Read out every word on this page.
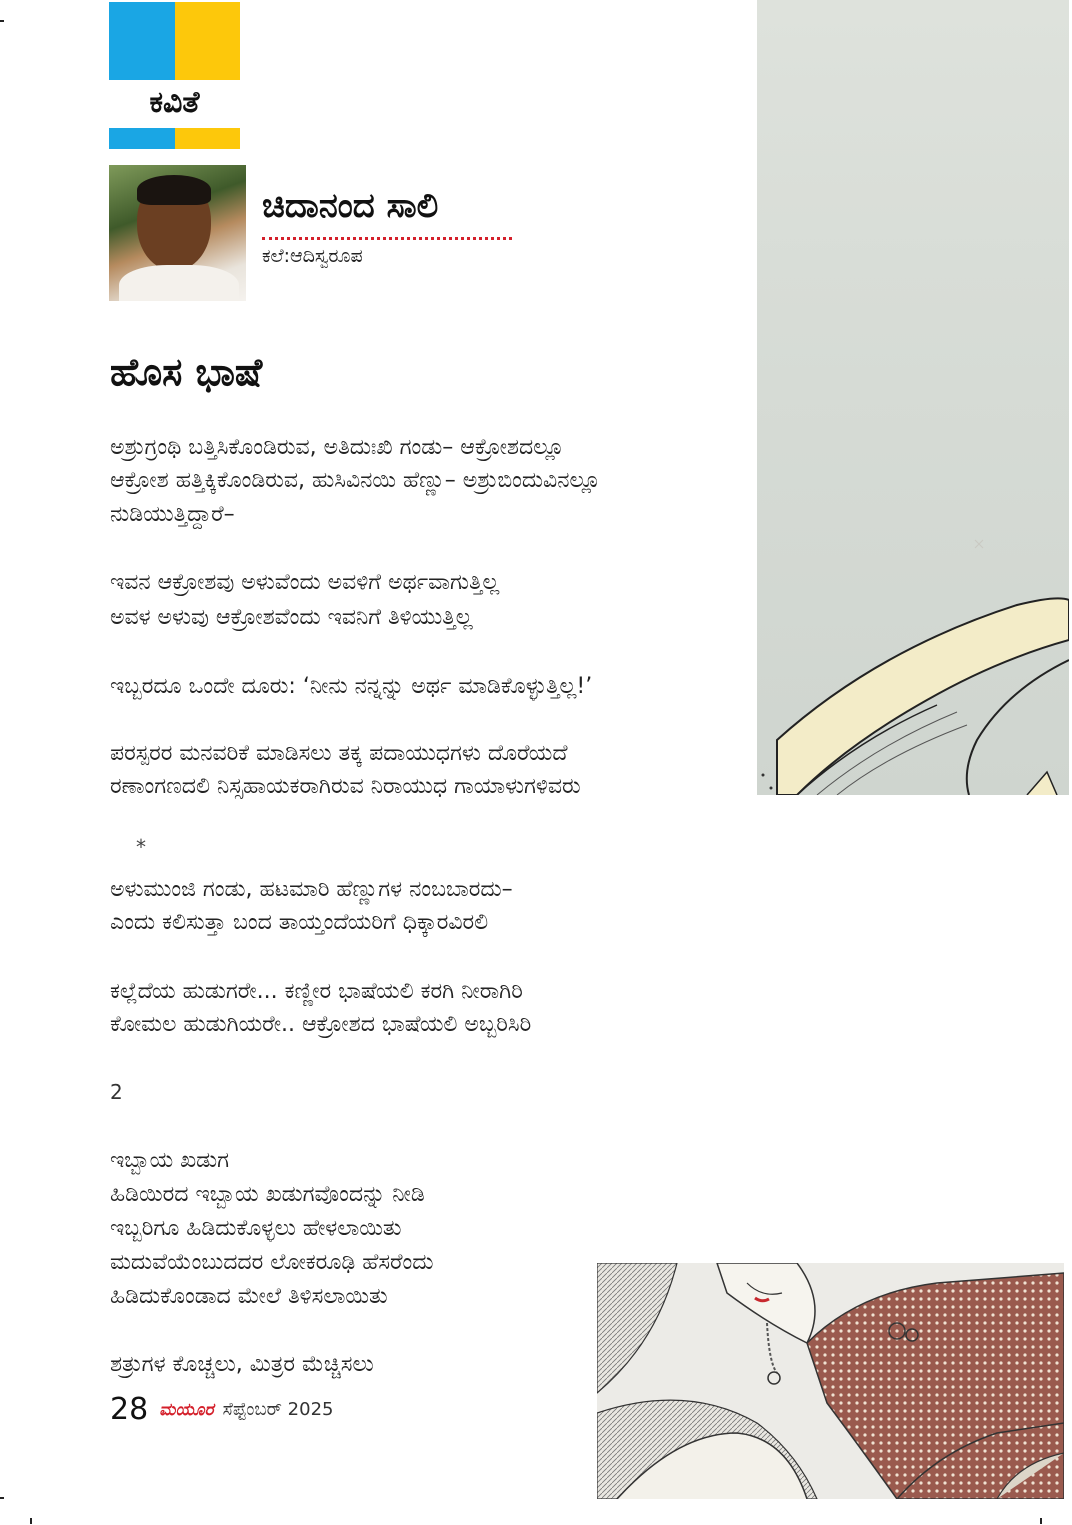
ಕವಿತೆ
ಚಿದಾನಂದ ಸಾಲಿ
ಕಲೆ:ಆದಿಸ್ವರೂಪ
ಹೊಸ ಭಾಷೆ
ಅಶ್ರುಗ್ರಂಥಿ ಬತ್ತಿಸಿಕೊಂಡಿರುವ, ಅತಿದುಃಖಿ ಗಂಡು– ಆಕ್ರೋಶದಲ್ಲೂ
ಆಕ್ರೋಶ ಹತ್ತಿಕ್ಕಿಕೊಂಡಿರುವ, ಹುಸಿವಿನಯಿ ಹೆಣ್ಣು– ಅಶ್ರುಬಿಂದುವಿನಲ್ಲೂ
ನುಡಿಯುತ್ತಿದ್ದಾರೆ–
ಇವನ ಆಕ್ರೋಶವು ಅಳುವೆಂದು ಅವಳಿಗೆ ಅರ್ಥವಾಗುತ್ತಿಲ್ಲ
ಅವಳ ಅಳುವು ಆಕ್ರೋಶವೆಂದು ಇವನಿಗೆ ತಿಳಿಯುತ್ತಿಲ್ಲ
ಇಬ್ಬರದೂ ಒಂದೇ ದೂರು: ‘ನೀನು ನನ್ನನ್ನು ಅರ್ಥ ಮಾಡಿಕೊಳ್ಳುತ್ತಿಲ್ಲ!’
ಪರಸ್ಪರರ ಮನವರಿಕೆ ಮಾಡಿಸಲು ತಕ್ಕ ಪದಾಯುಧಗಳು ದೊರೆಯದೆ
ರಣಾಂಗಣದಲಿ ನಿಸ್ಸಹಾಯಕರಾಗಿರುವ ನಿರಾಯುಧ ಗಾಯಾಳುಗಳಿವರು
*
ಅಳುಮುಂಜಿ ಗಂಡು, ಹಟಮಾರಿ ಹೆಣ್ಣುಗಳ ನಂಬಬಾರದು–
ಎಂದು ಕಲಿಸುತ್ತಾ ಬಂದ ತಾಯ್ತಂದೆಯರಿಗೆ ಧಿಕ್ಕಾರವಿರಲಿ
ಕಲ್ಲೆದೆಯ ಹುಡುಗರೇ... ಕಣ್ಣೀರ ಭಾಷೆಯಲಿ ಕರಗಿ ನೀರಾಗಿರಿ
ಕೋಮಲ ಹುಡುಗಿಯರೇ.. ಆಕ್ರೋಶದ ಭಾಷೆಯಲಿ ಅಬ್ಬರಿಸಿರಿ
2
ಇಬ್ಬಾಯ ಖಡುಗ
ಹಿಡಿಯಿರದ ಇಬ್ಬಾಯ ಖಡುಗವೊಂದನ್ನು ನೀಡಿ
ಇಬ್ಬರಿಗೂ ಹಿಡಿದುಕೊಳ್ಳಲು ಹೇಳಲಾಯಿತು
ಮದುವೆಯೆಂಬುದದರ ಲೋಕರೂಢಿ ಹೆಸರೆಂದು
ಹಿಡಿದುಕೊಂಡಾದ ಮೇಲೆ ತಿಳಿಸಲಾಯಿತು
ಶತ್ರುಗಳ ಕೊಚ್ಚಲು, ಮಿತ್ರರ ಮೆಚ್ಚಿಸಲು
28 ಮಯೂರ ಸೆಪ್ಟೆಂಬರ್ 2025
